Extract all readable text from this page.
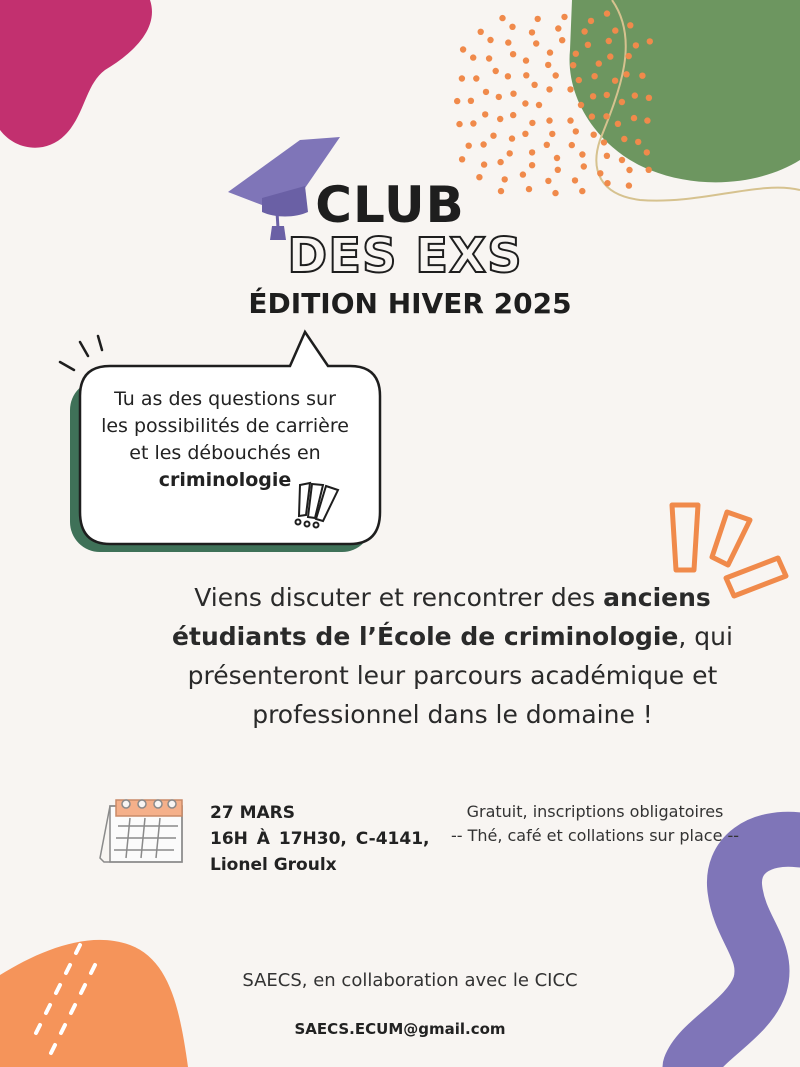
CLUB
DES EXS
ÉDITION HIVER 2025
Tu as des questions sur
les possibilités de carrière
et les débouchés en
criminologie
Viens discuter et rencontrer des anciens étudiants de l’École de criminologie, qui présenteront leur parcours académique et professionnel dans le domaine !
27 MARS
16H À 17H30, C-4141,
Lionel Groulx
Gratuit, inscriptions obligatoires
-- Thé, café et collations sur place --
SAECS, en collaboration avec le CICC
SAECS.ECUM@gmail.com
